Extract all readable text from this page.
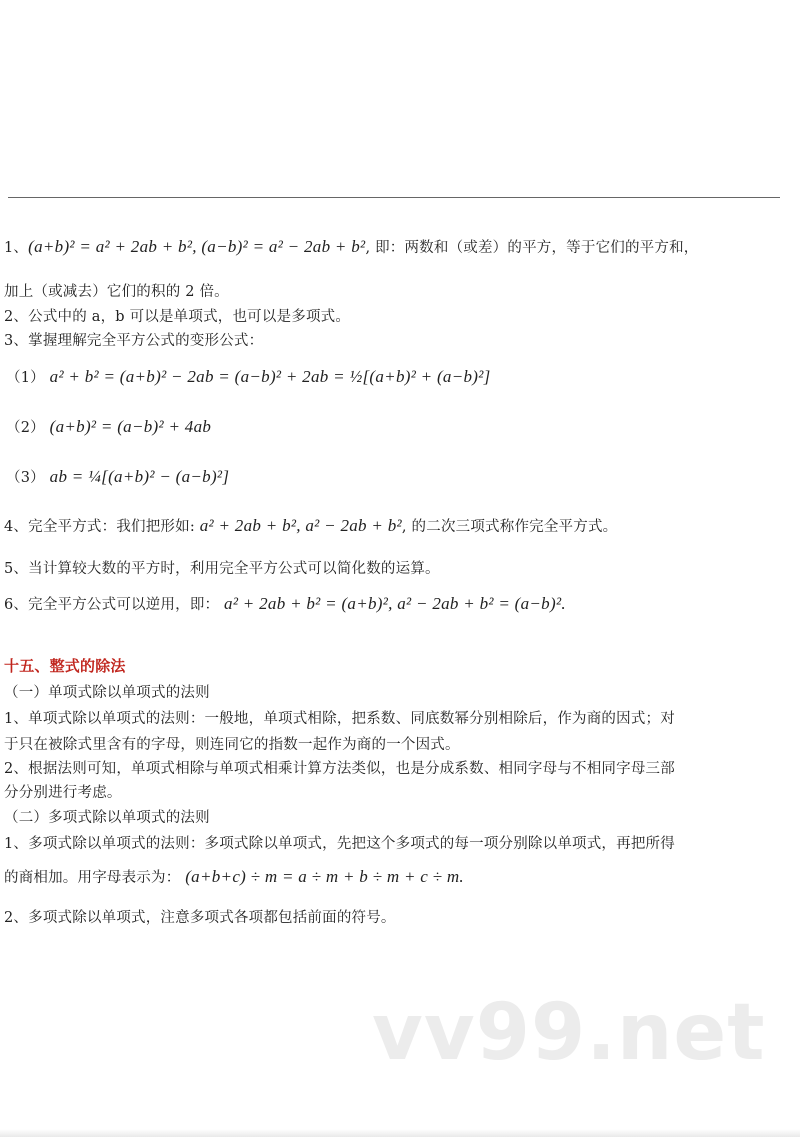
1、(a+b)² = a² + 2ab + b², (a−b)² = a² − 2ab + b², 即：两数和（或差）的平方，等于它们的平方和，
加上（或减去）它们的积的 2 倍。
2、公式中的 a，b 可以是单项式，也可以是多项式。
3、掌握理解完全平方公式的变形公式：
（1） a² + b² = (a+b)² − 2ab = (a−b)² + 2ab = ½[(a+b)² + (a−b)²]
（2） (a+b)² = (a−b)² + 4ab
（3） ab = ¼[(a+b)² − (a−b)²]
4、完全平方式：我们把形如: a² + 2ab + b², a² − 2ab + b², 的二次三项式称作完全平方式。
5、当计算较大数的平方时，利用完全平方公式可以简化数的运算。
6、完全平方公式可以逆用，即： a² + 2ab + b² = (a+b)², a² − 2ab + b² = (a−b)².
十五、整式的除法
（一）单项式除以单项式的法则
1、单项式除以单项式的法则：一般地，单项式相除，把系数、同底数幂分别相除后，作为商的因式；对
于只在被除式里含有的字母，则连同它的指数一起作为商的一个因式。
2、根据法则可知，单项式相除与单项式相乘计算方法类似，也是分成系数、相同字母与不相同字母三部
分分别进行考虑。
（二）多项式除以单项式的法则
1、多项式除以单项式的法则：多项式除以单项式，先把这个多项式的每一项分别除以单项式，再把所得
的商相加。用字母表示为： (a+b+c) ÷ m = a ÷ m + b ÷ m + c ÷ m.
2、多项式除以单项式，注意多项式各项都包括前面的符号。
vv99.net
